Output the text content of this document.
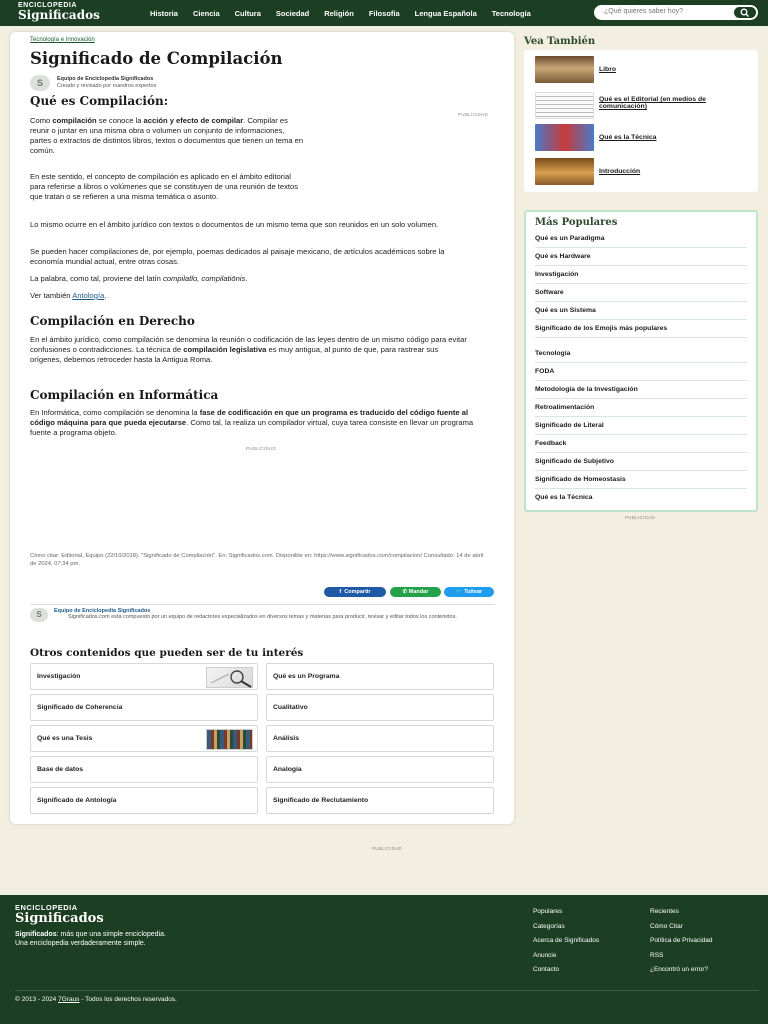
ENCICLOPEDIA
Significados	Historia Ciencia Cultura Sociedad Religión Filosofía Lengua Española Tecnología	¿Qué quieres saber hoy?
Tecnología e Innovación
Significado de Compilación
S	Equipo de Enciclopedia Significados
Creado y revisado por nuestros expertos
PUBLICIDAD
Qué es Compilación:

Como compilación se conoce la acción y efecto de compilar. Compilar es reunir o juntar en una misma obra o volumen un conjunto de informaciones, partes o extractos de distintos libros, textos o documentos que tienen un tema en común.

En este sentido, el concepto de compilación es aplicado en el ámbito editorial para referirse a libros o volúmenes que se constituyen de una reunión de textos que tratan o se refieren a una misma temática o asunto.

Lo mismo ocurre en el ámbito jurídico con textos o documentos de un mismo tema que son reunidos en un solo volumen.

Se pueden hacer compilaciones de, por ejemplo, poemas dedicados al paisaje mexicano, de artículos académicos sobre la economía mundial actual, entre otras cosas.

La palabra, como tal, proviene del latín compilatĭo, compilatiōnis.

Ver también Antología.

Compilación en Derecho

En el ámbito jurídico, como compilación se denomina la reunión o codificación de las leyes dentro de un mismo código para evitar confusiones o contradicciones. La técnica de compilación legislativa es muy antigua, al punto de que, para rastrear sus orígenes, debemos retroceder hasta la Antigua Roma.

Compilación en Informática

En Informática, como compilación se denomina la fase de codificación en que un programa es traducido del código fuente al código máquina para que pueda ejecutarse. Como tal, la realiza un compilador virtual, cuya tarea consiste en llevar un programa fuente a programa objeto.

PUBLICIDAD

Cómo citar: Editorial, Equipo (22/10/2018). "Significado de Compilación". En: Significados.com. Disponible en: https://www.significados.com/compilacion/ Consultado: 14 de abril de 2024, 07:34 pm.

f  Compartir	✆ Mandar	🐦 Tuitear
S	Equipo de Enciclopedia Significados
Significados.com está compuesto por un equipo de redactores especializados en diversos temas y materias para producir, revisar y editar todos los contenidos.
Otros contenidos que pueden ser de tu interés
Investigación	Qué es un Programa
Significado de Coherencia	Cualitativo
Qué es una Tesis	Análisis
Base de datos	Analogía
Significado de Antología	Significado de Reclutamiento
PUBLICIDAD
Vea También
Libro
Qué es el Editorial (en medios de comunicación)
Qué es la Técnica
Introducción
Más Populares
Qué es un Paradigma
Qué es Hardware
Investigación
Software
Qué es un Sistema
Significado de los Emojis más populares
Tecnología
FODA
Metodología de la Investigación
Retroalimentación
Significado de Literal
Feedback
Significado de Subjetivo
Significado de Homeostasis
Qué es la Técnica
PUBLICIDAD
ENCICLOPEDIA
Significados
Significados: más que una simple enciclopedia.
Una enciclopedia verdaderamente simple.
Populares
Categorías
Acerca de Significados
Anuncie
Contacto
Recientes
Cómo Citar
Política de Privacidad
RSS
¿Encontró un error?
© 2013 - 2024 7Graus - Todos los derechos reservados.
